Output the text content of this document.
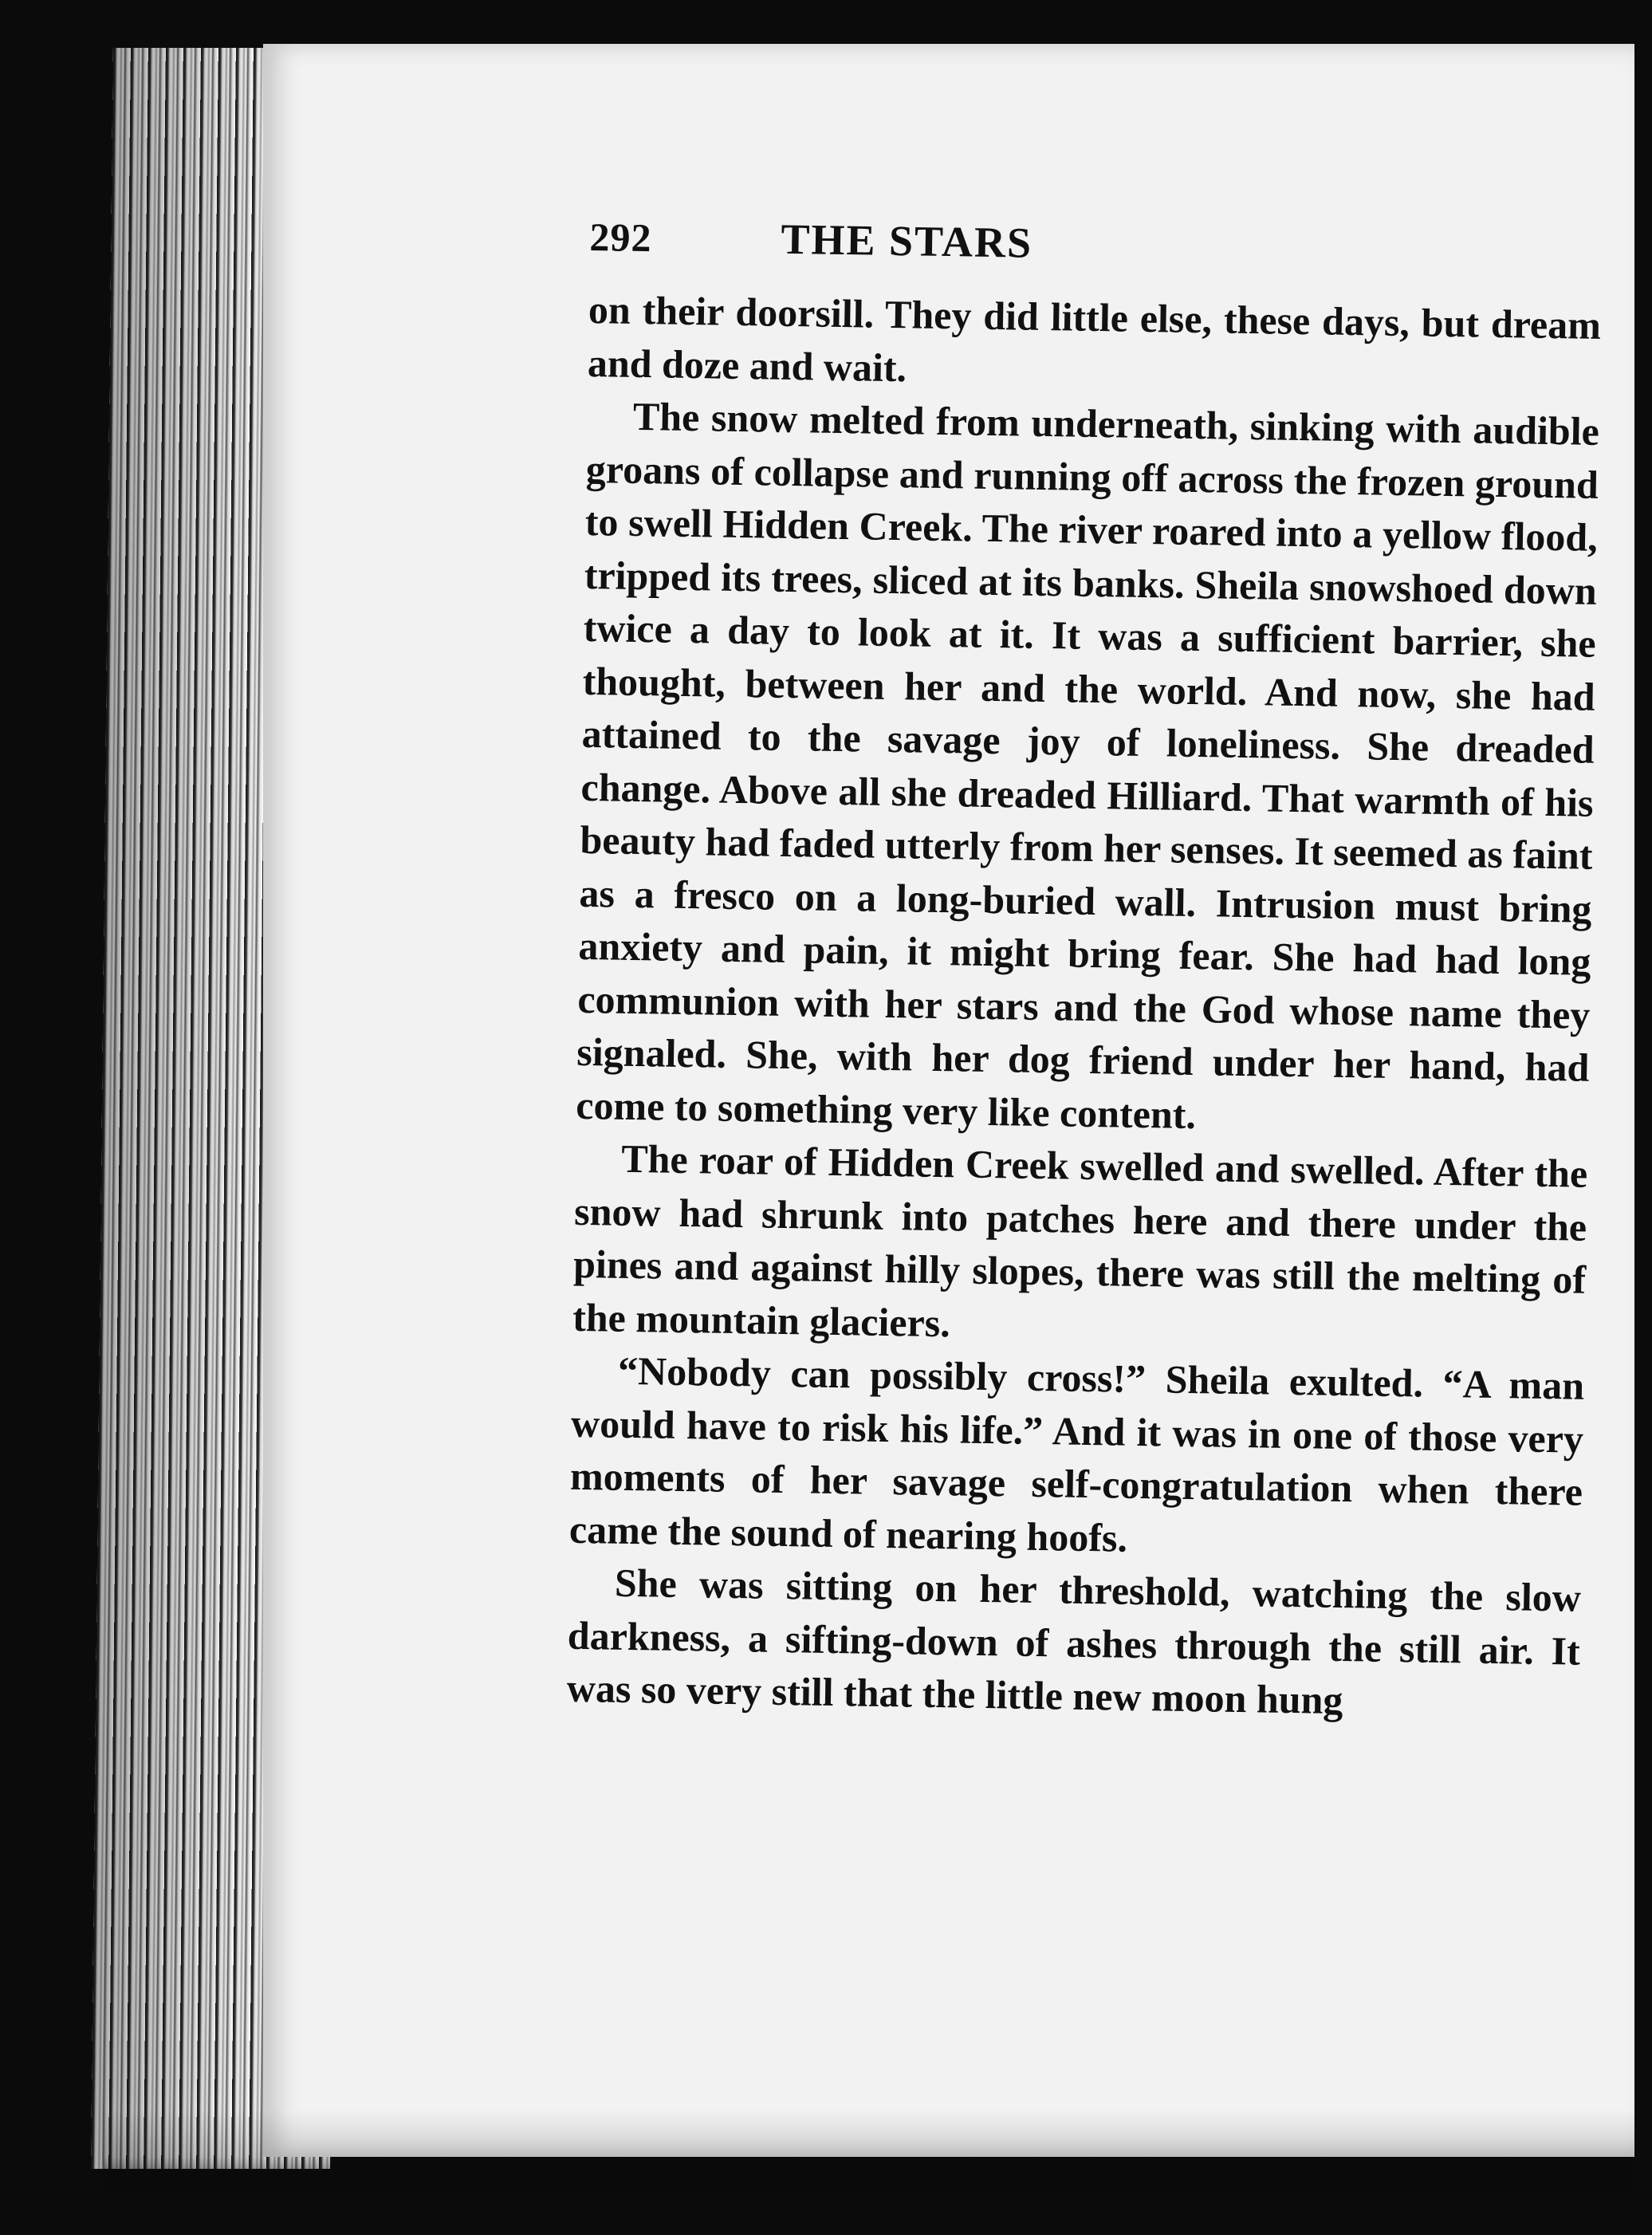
292	THE STARS

on their doorsill. They did little else, these days, but dream and doze and wait.

The snow melted from underneath, sinking with audible groans of collapse and running off across the frozen ground to swell Hidden Creek. The river roared into a yellow flood, tripped its trees, sliced at its banks. Sheila snowshoed down twice a day to look at it. It was a sufficient barrier, she thought, between her and the world. And now, she had attained to the savage joy of loneliness. She dreaded change. Above all she dreaded Hilliard. That warmth of his beauty had faded utterly from her senses. It seemed as faint as a fresco on a long-buried wall. Intrusion must bring anxiety and pain, it might bring fear. She had had long communion with her stars and the God whose name they signaled. She, with her dog friend under her hand, had come to something very like content.

The roar of Hidden Creek swelled and swelled. After the snow had shrunk into patches here and there under the pines and against hilly slopes, there was still the melting of the mountain glaciers.

“Nobody can possibly cross!” Sheila exulted. “A man would have to risk his life.” And it was in one of those very moments of her savage self-congratulation when there came the sound of nearing hoofs.

She was sitting on her threshold, watching the slow darkness, a sifting-down of ashes through the still air. It was so very still that the little new moon hung
